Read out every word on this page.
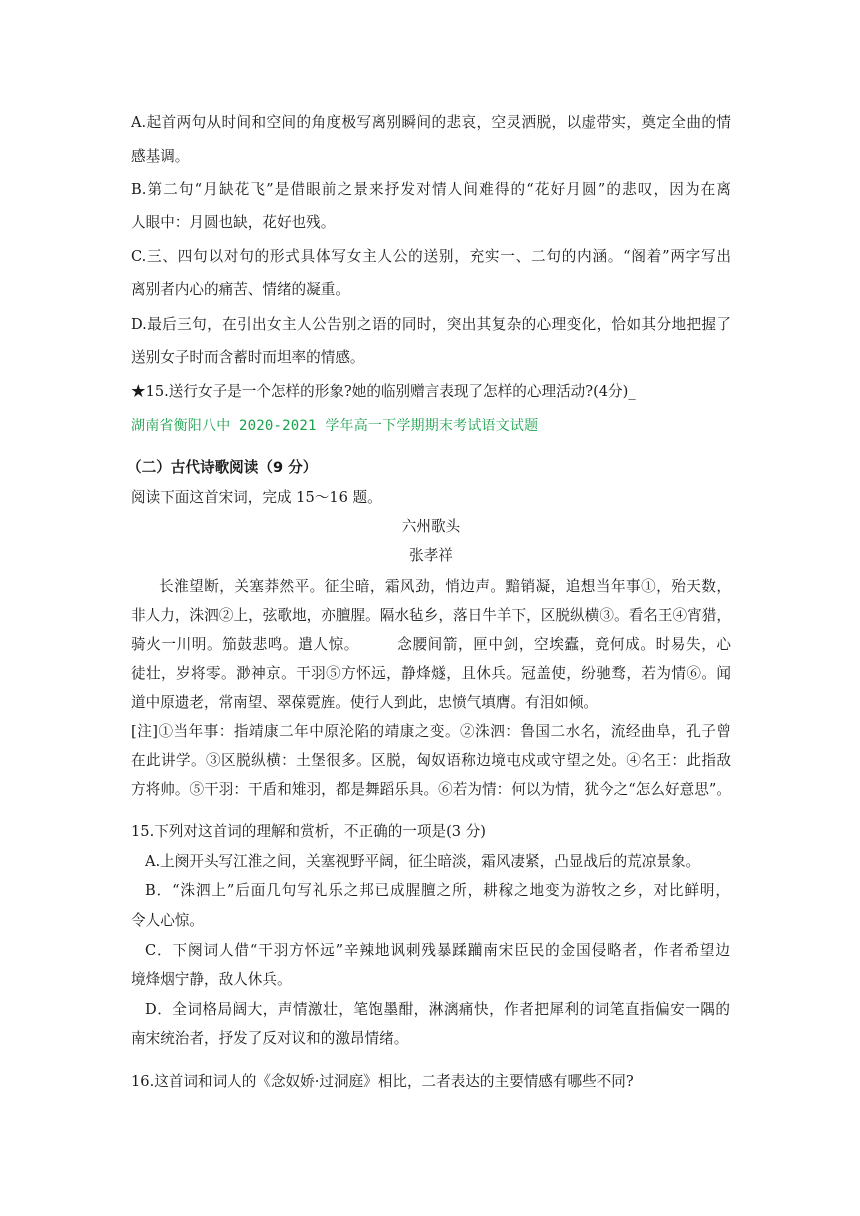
A.起首两句从时间和空间的角度极写离别瞬间的悲哀，空灵洒脱，以虚带实，奠定全曲的情
感基调。
B.第二句“月缺花飞”是借眼前之景来抒发对情人间难得的“花好月圆”的悲叹，因为在离
人眼中：月圆也缺，花好也残。
C.三、四句以对句的形式具体写女主人公的送别，充实一、二句的内涵。“阁着”两字写出
离别者内心的痛苦、情绪的凝重。
D.最后三句，在引出女主人公告别之语的同时，突出其复杂的心理变化，恰如其分地把握了
送别女子时而含蓄时而坦率的情感。
★15.送行女子是一个怎样的形象?她的临别赠言表现了怎样的心理活动?(4分)_
湖南省衡阳八中 2020-2021 学年高一下学期期末考试语文试题
（二）古代诗歌阅读（9 分）
阅读下面这首宋词，完成 15～16 题。
六州歌头
张孝祥
长淮望断，关塞莽然平。征尘暗，霜风劲，悄边声。黯销凝，追想当年事①，殆天数，
非人力，洙泗②上，弦歌地，亦膻腥。隔水毡乡，落日牛羊下，区脱纵横③。看名王④宵猎，
骑火一川明。笳鼓悲鸣。遣人惊。　　　念腰间箭，匣中剑，空埃蠹，竟何成。时易失，心
徒壮，岁将零。渺神京。干羽⑤方怀远，静烽燧，且休兵。冠盖使，纷驰骛，若为情⑥。闻
道中原遗老，常南望、翠葆霓旌。使行人到此，忠愤气填膺。有泪如倾。
[注]①当年事：指靖康二年中原沦陷的靖康之变。②洙泗：鲁国二水名，流经曲阜，孔子曾
在此讲学。③区脱纵横：土堡很多。区脱，匈奴语称边境屯戍或守望之处。④名王：此指敌
方将帅。⑤干羽：干盾和雉羽，都是舞蹈乐具。⑥若为情：何以为情，犹今之“怎么好意思”。
15.下列对这首词的理解和赏析，不正确的一项是(3 分)
A.上阕开头写江淮之间，关塞视野平阔，征尘暗淡，霜风凄紧，凸显战后的荒凉景象。
B．“洙泗上”后面几句写礼乐之邦已成腥膻之所，耕稼之地变为游牧之乡，对比鲜明，
令人心惊。
C．下阕词人借“干羽方怀远”辛辣地讽刺残暴蹂躏南宋臣民的金国侵略者，作者希望边
境烽烟宁静，敌人休兵。
D．全词格局阔大，声情激壮，笔饱墨酣，淋漓痛快，作者把犀利的词笔直指偏安一隅的
南宋统治者，抒发了反对议和的激昂情绪。
16.这首词和词人的《念奴娇·过洞庭》相比，二者表达的主要情感有哪些不同?
